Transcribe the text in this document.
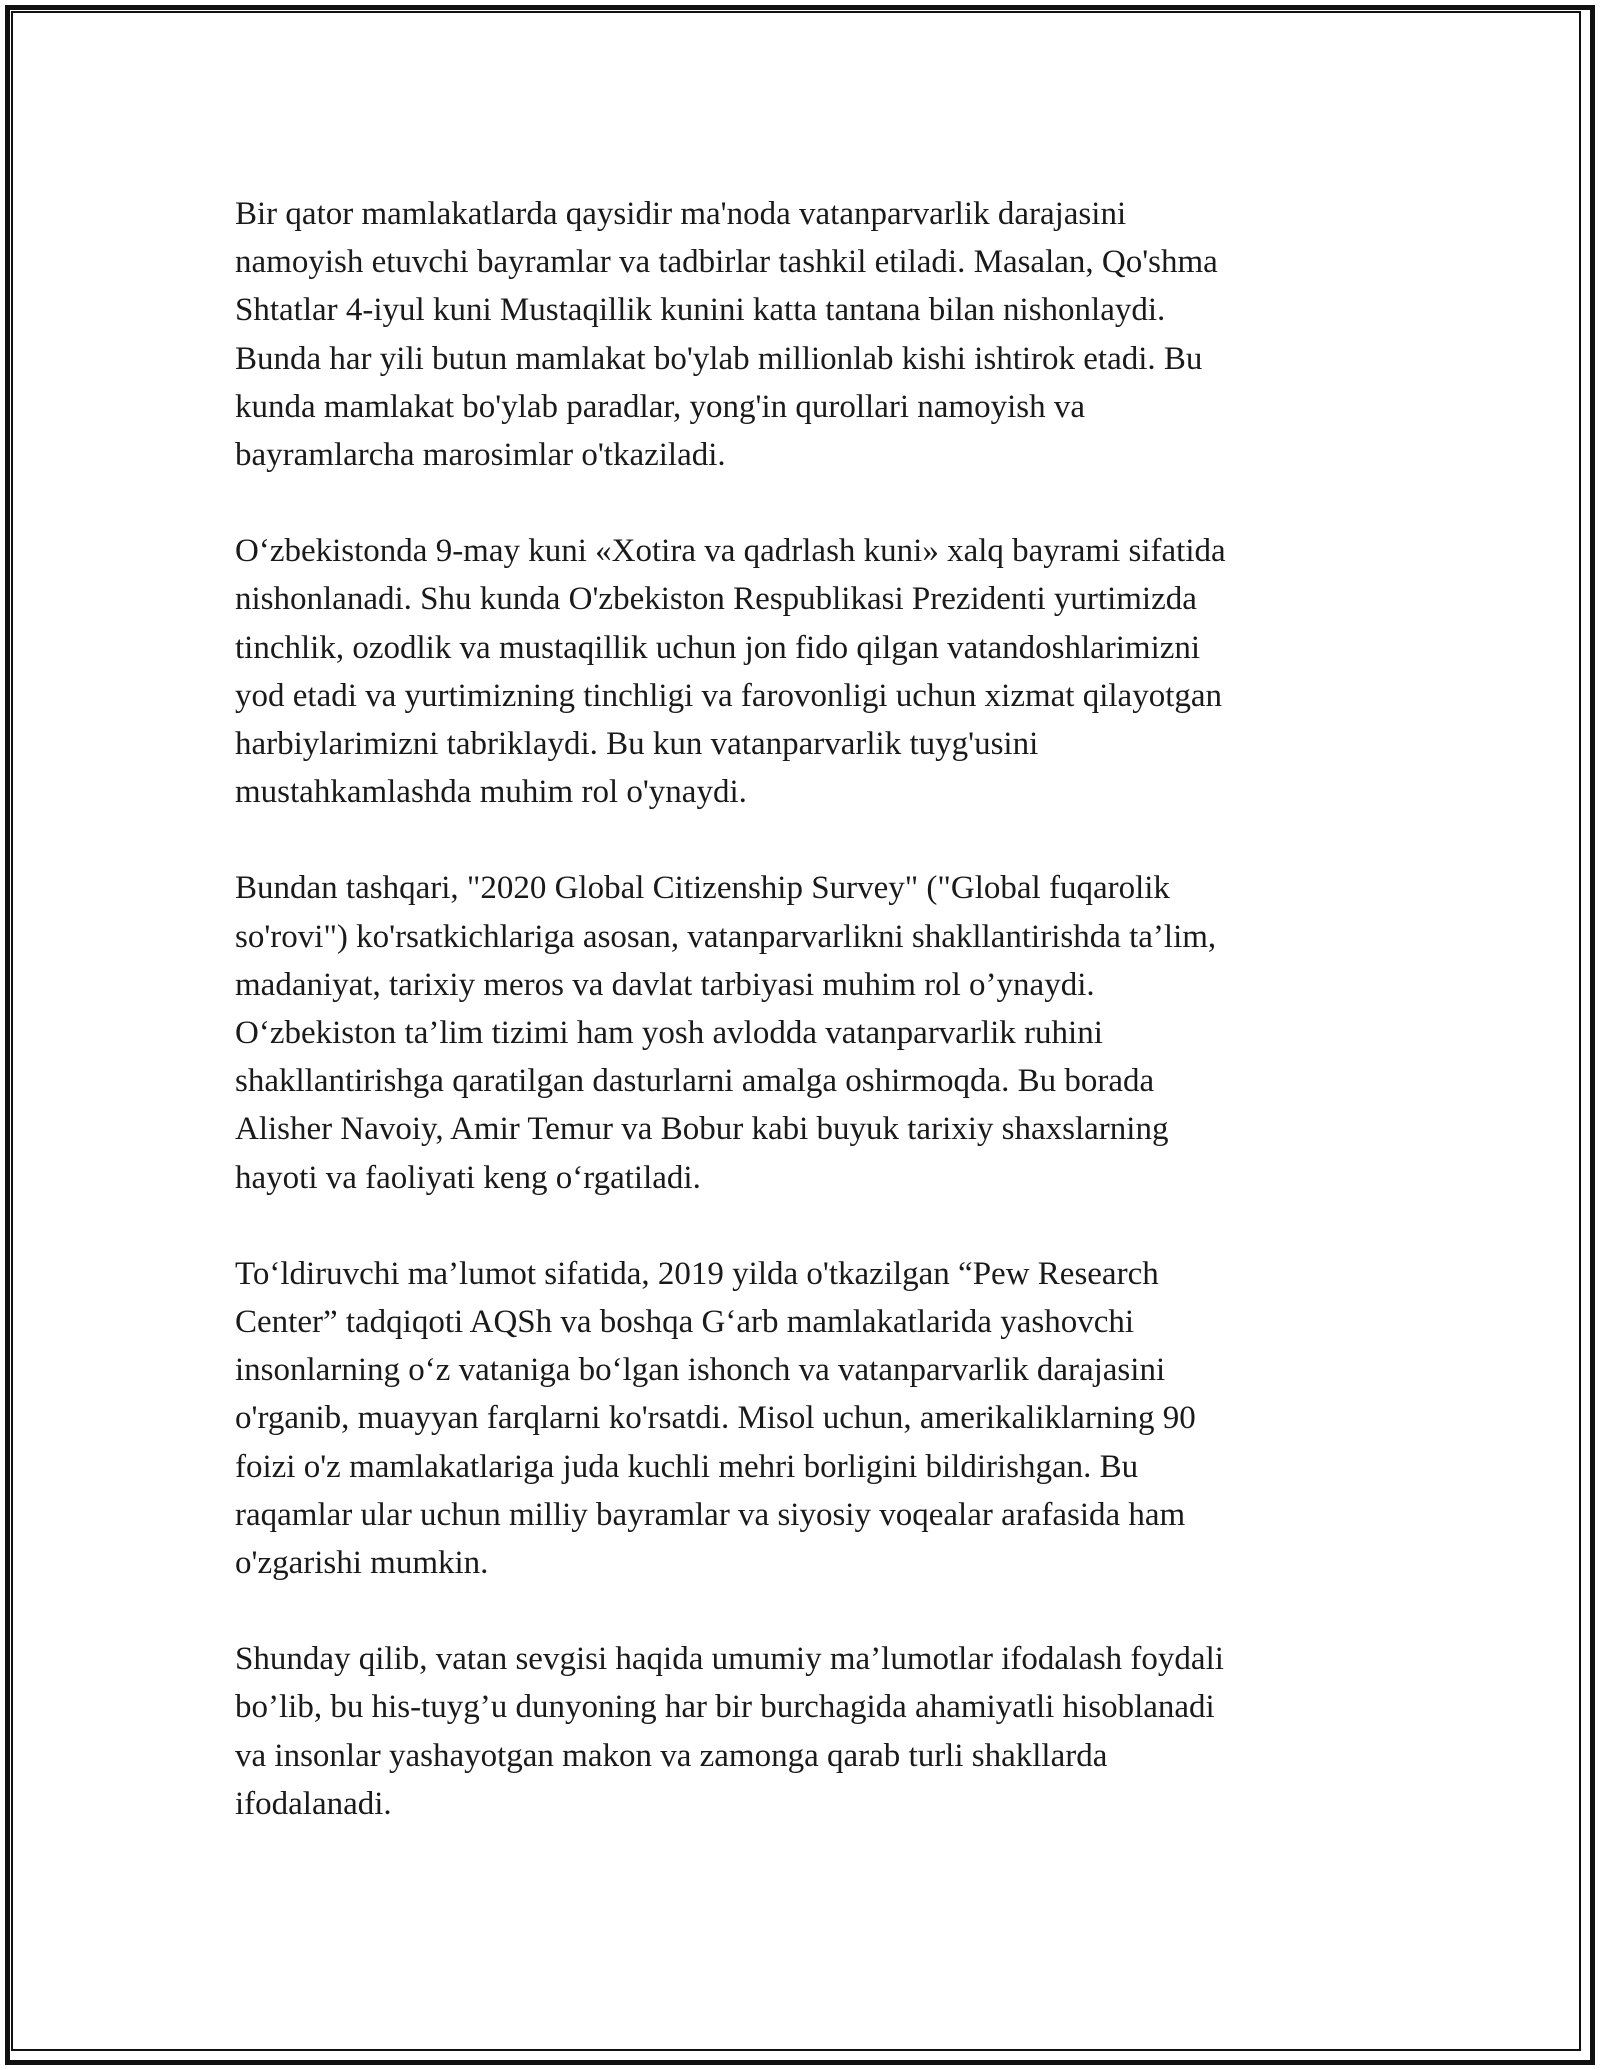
Bir qator mamlakatlarda qaysidir ma'noda vatanparvarlik darajasini
namoyish etuvchi bayramlar va tadbirlar tashkil etiladi. Masalan, Qo'shma
Shtatlar 4-iyul kuni Mustaqillik kunini katta tantana bilan nishonlaydi.
Bunda har yili butun mamlakat bo'ylab millionlab kishi ishtirok etadi. Bu
kunda mamlakat bo'ylab paradlar, yong'in qurollari namoyish va
bayramlarcha marosimlar o'tkaziladi.

O‘zbekistonda 9-may kuni «Xotira va qadrlash kuni» xalq bayrami sifatida
nishonlanadi. Shu kunda O'zbekiston Respublikasi Prezidenti yurtimizda
tinchlik, ozodlik va mustaqillik uchun jon fido qilgan vatandoshlarimizni
yod etadi va yurtimizning tinchligi va farovonligi uchun xizmat qilayotgan
harbiylarimizni tabriklaydi. Bu kun vatanparvarlik tuyg'usini
mustahkamlashda muhim rol o'ynaydi.

Bundan tashqari, "2020 Global Citizenship Survey" ("Global fuqarolik
so'rovi") ko'rsatkichlariga asosan, vatanparvarlikni shakllantirishda ta’lim,
madaniyat, tarixiy meros va davlat tarbiyasi muhim rol o’ynaydi.
O‘zbekiston ta’lim tizimi ham yosh avlodda vatanparvarlik ruhini
shakllantirishga qaratilgan dasturlarni amalga oshirmoqda. Bu borada
Alisher Navoiy, Amir Temur va Bobur kabi buyuk tarixiy shaxslarning
hayoti va faoliyati keng o‘rgatiladi.

To‘ldiruvchi ma’lumot sifatida, 2019 yilda o'tkazilgan “Pew Research
Center” tadqiqoti AQSh va boshqa G‘arb mamlakatlarida yashovchi
insonlarning o‘z vataniga bo‘lgan ishonch va vatanparvarlik darajasini
o'rganib, muayyan farqlarni ko'rsatdi. Misol uchun, amerikaliklarning 90
foizi o'z mamlakatlariga juda kuchli mehri borligini bildirishgan. Bu
raqamlar ular uchun milliy bayramlar va siyosiy voqealar arafasida ham
o'zgarishi mumkin.

Shunday qilib, vatan sevgisi haqida umumiy ma’lumotlar ifodalash foydali
bo’lib, bu his-tuyg’u dunyoning har bir burchagida ahamiyatli hisoblanadi
va insonlar yashayotgan makon va zamonga qarab turli shakllarda
ifodalanadi.
